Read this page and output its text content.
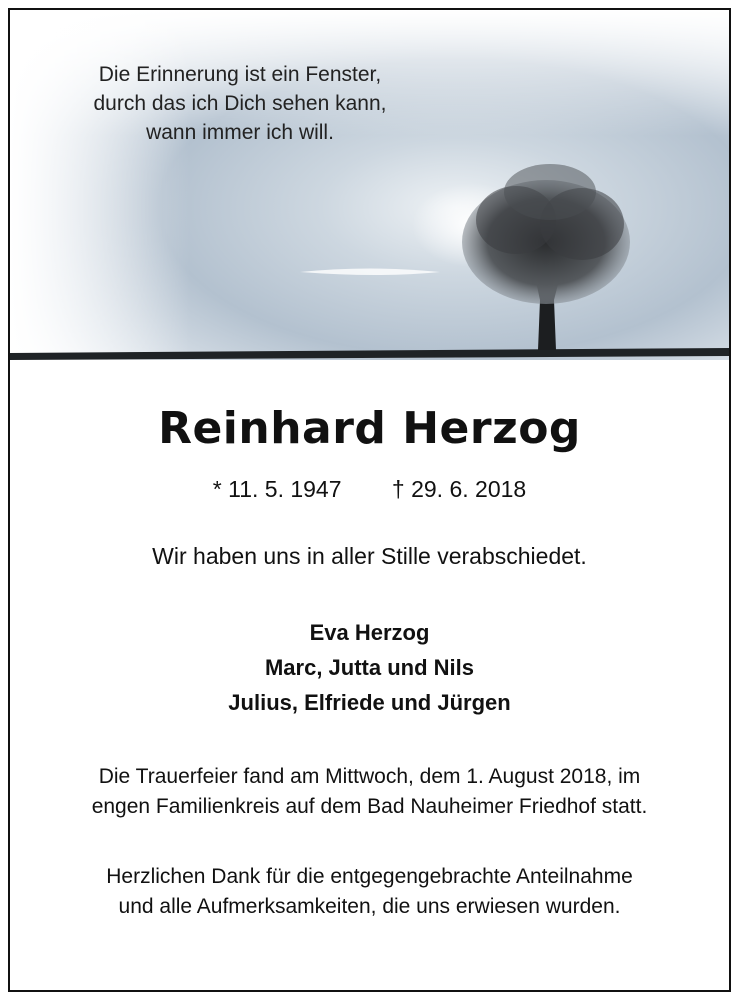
Die Erinnerung ist ein Fenster,
durch das ich Dich sehen kann,
wann immer ich will.
Reinhard Herzog
* 11. 5. 1947 † 29. 6. 2018
Wir haben uns in aller Stille verabschiedet.
Eva Herzog
Marc, Jutta und Nils
Julius, Elfriede und Jürgen
Die Trauerfeier fand am Mittwoch, dem 1. August 2018, im
engen Familienkreis auf dem Bad Nauheimer Friedhof statt.
Herzlichen Dank für die entgegengebrachte Anteilnahme
und alle Aufmerksamkeiten, die uns erwiesen wurden.
